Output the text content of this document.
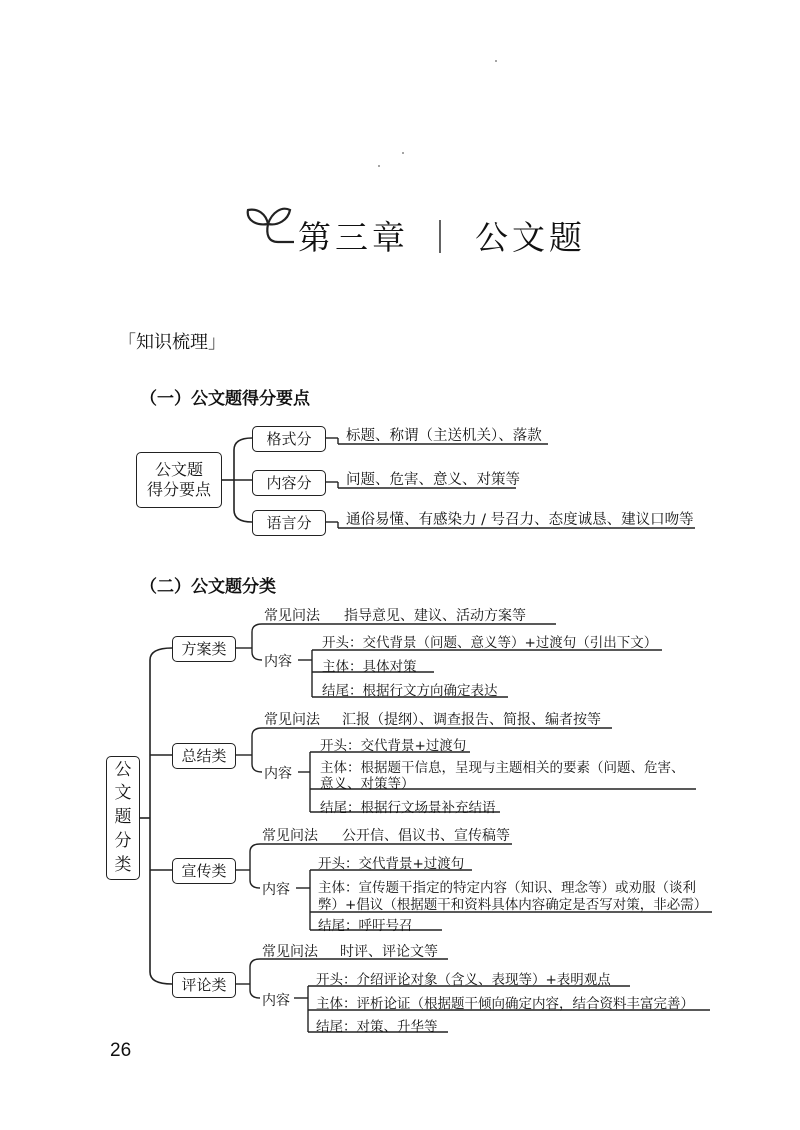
第三章 ｜ 公文题
「知识梳理」
（一）公文题得分要点
公文题
得分要点
格式分
内容分
语言分
标题、称谓（主送机关）、落款
问题、危害、意义、对策等
通俗易懂、有感染力 / 号召力、态度诚恳、建议口吻等
（二）公文题分类
公
文
题
分
类
方案类
总结类
宣传类
评论类
常见问法 指导意见、建议、活动方案等
内容
开头：交代背景（问题、意义等）+过渡句（引出下文）
主体：具体对策
结尾：根据行文方向确定表达
常见问法 汇报（提纲）、调查报告、简报、编者按等
内容
开头：交代背景+过渡句
主体：根据题干信息，呈现与主题相关的要素（问题、危害、
意义、对策等）
结尾：根据行文场景补充结语
常见问法 公开信、倡议书、宣传稿等
内容
开头：交代背景+过渡句
主体：宣传题干指定的特定内容（知识、理念等）或劝服（谈利
弊）+倡议（根据题干和资料具体内容确定是否写对策，非必需）
结尾：呼吁号召
常见问法 时评、评论文等
内容
开头：介绍评论对象（含义、表现等）+表明观点
主体：评析论证（根据题干倾向确定内容，结合资料丰富完善）
结尾：对策、升华等
26
